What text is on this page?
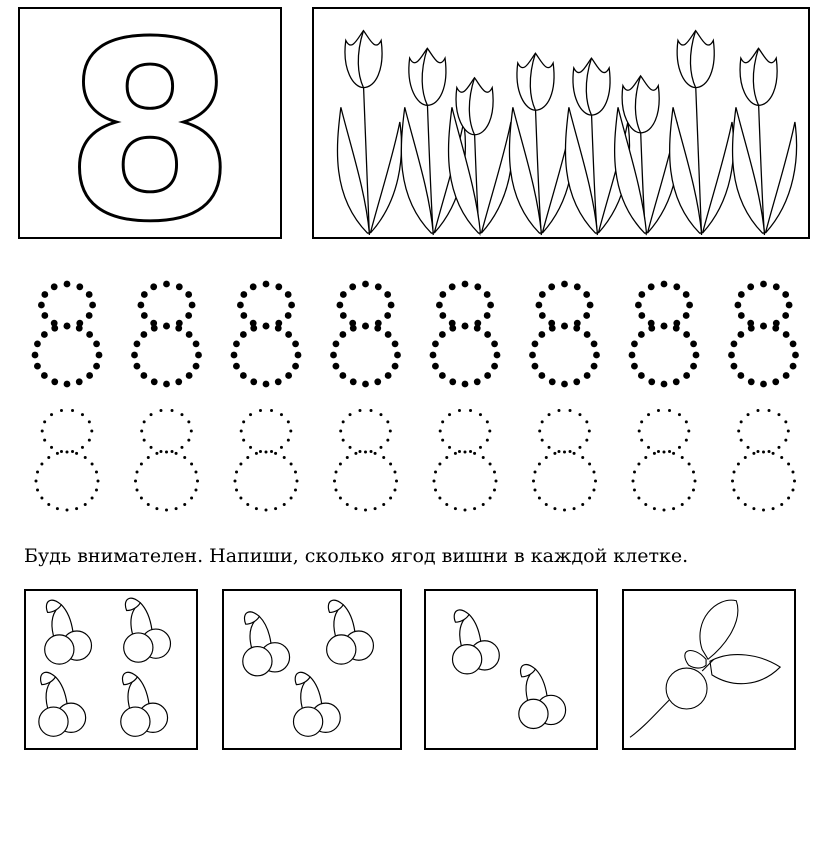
8
Будь внимателен. Напиши, сколько ягод вишни в каждой клетке.
